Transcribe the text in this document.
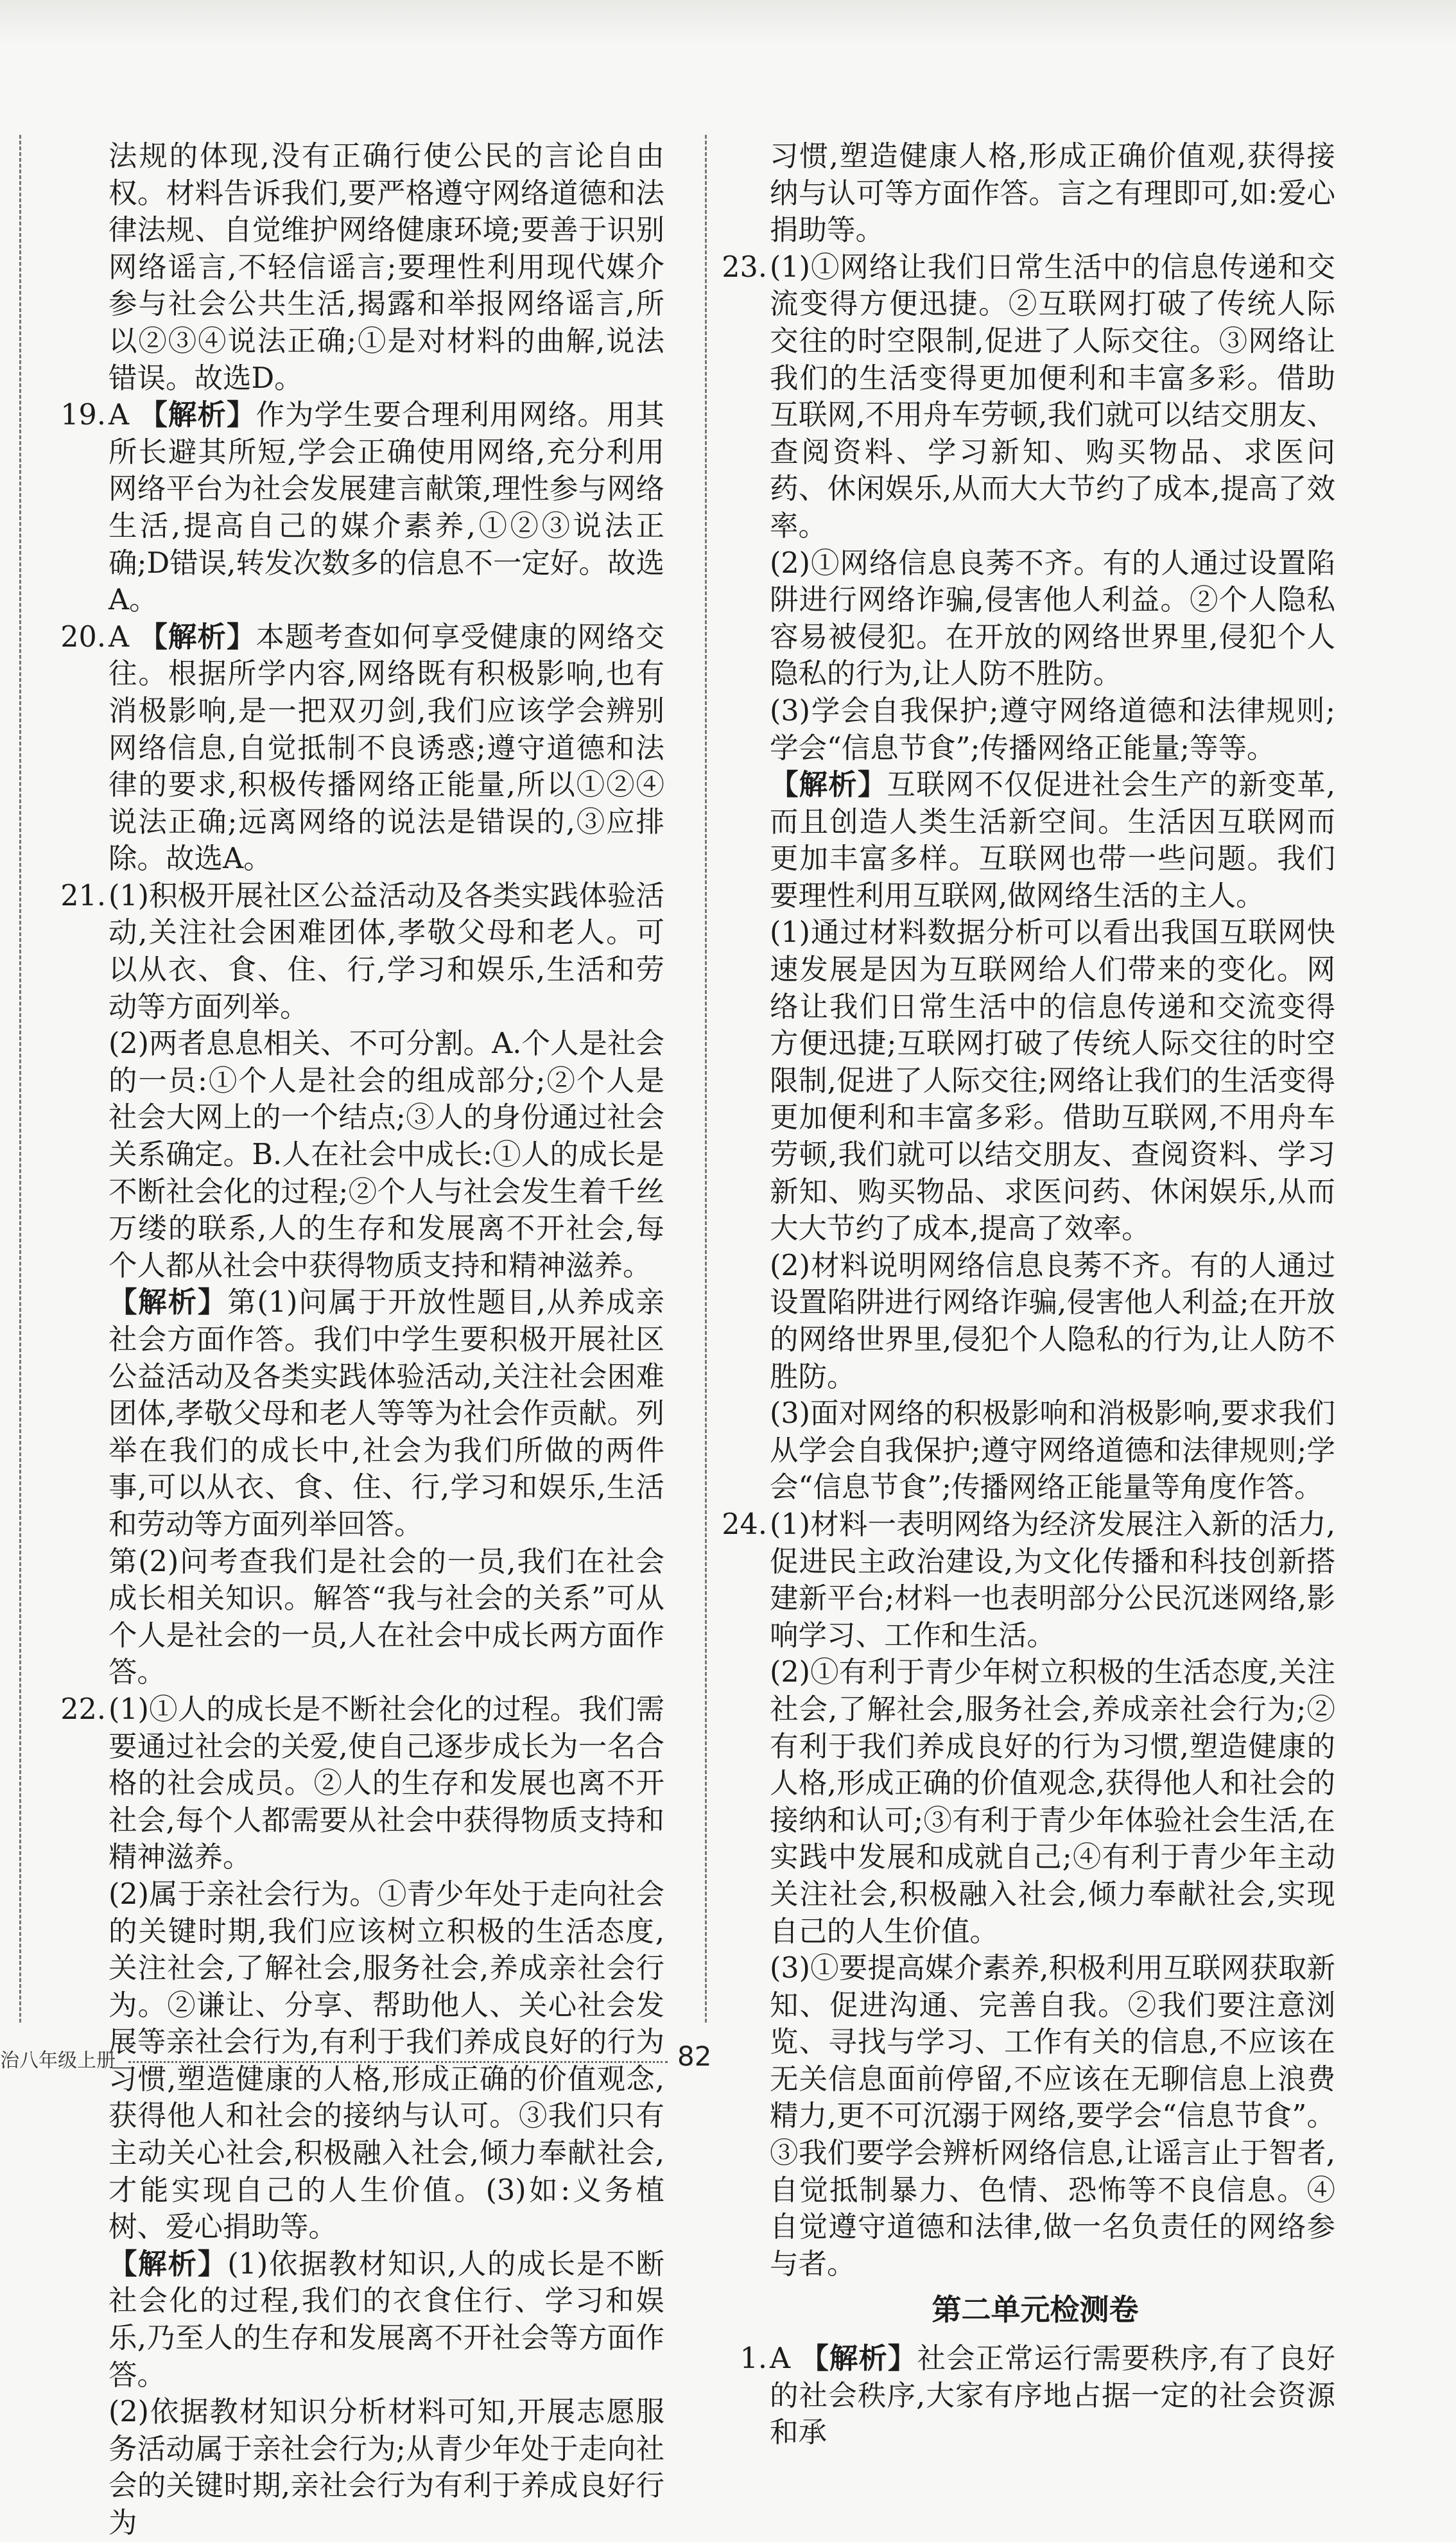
法规的体现,没有正确行使公民的言论自由权。材料告诉我们,要严格遵守网络道德和法律法规、自觉维护网络健康环境;要善于识别网络谣言,不轻信谣言;要理性利用现代媒介参与社会公共生活,揭露和举报网络谣言,所以②③④说法正确;①是对材料的曲解,说法错误。故选D。
19. A 【解析】作为学生要合理利用网络。用其所长避其所短,学会正确使用网络,充分利用网络平台为社会发展建言献策,理性参与网络生活,提高自己的媒介素养,①②③说法正确;D错误,转发次数多的信息不一定好。故选A。
20. A 【解析】本题考查如何享受健康的网络交往。根据所学内容,网络既有积极影响,也有消极影响,是一把双刃剑,我们应该学会辨别网络信息,自觉抵制不良诱惑;遵守道德和法律的要求,积极传播网络正能量,所以①②④说法正确;远离网络的说法是错误的,③应排除。故选A。
21. (1)积极开展社区公益活动及各类实践体验活动,关注社会困难团体,孝敬父母和老人。可以从衣、食、住、行,学习和娱乐,生活和劳动等方面列举。
(2)两者息息相关、不可分割。A.个人是社会的一员:①个人是社会的组成部分;②个人是社会大网上的一个结点;③人的身份通过社会关系确定。B.人在社会中成长:①人的成长是不断社会化的过程;②个人与社会发生着千丝万缕的联系,人的生存和发展离不开社会,每个人都从社会中获得物质支持和精神滋养。
【解析】第(1)问属于开放性题目,从养成亲社会方面作答。我们中学生要积极开展社区公益活动及各类实践体验活动,关注社会困难团体,孝敬父母和老人等等为社会作贡献。列举在我们的成长中,社会为我们所做的两件事,可以从衣、食、住、行,学习和娱乐,生活和劳动等方面列举回答。
第(2)问考查我们是社会的一员,我们在社会成长相关知识。解答“我与社会的关系”可从个人是社会的一员,人在社会中成长两方面作答。
22. (1)①人的成长是不断社会化的过程。我们需要通过社会的关爱,使自己逐步成长为一名合格的社会成员。②人的生存和发展也离不开社会,每个人都需要从社会中获得物质支持和精神滋养。
(2)属于亲社会行为。①青少年处于走向社会的关键时期,我们应该树立积极的生活态度,关注社会,了解社会,服务社会,养成亲社会行为。②谦让、分享、帮助他人、关心社会发展等亲社会行为,有利于我们养成良好的行为习惯,塑造健康的人格,形成正确的价值观念,获得他人和社会的接纳与认可。③我们只有主动关心社会,积极融入社会,倾力奉献社会,才能实现自己的人生价值。(3)如:义务植树、爱心捐助等。
【解析】(1)依据教材知识,人的成长是不断社会化的过程,我们的衣食住行、学习和娱乐,乃至人的生存和发展离不开社会等方面作答。
(2)依据教材知识分析材料可知,开展志愿服务活动属于亲社会行为;从青少年处于走向社会的关键时期,亲社会行为有利于养成良好行为
习惯,塑造健康人格,形成正确价值观,获得接纳与认可等方面作答。言之有理即可,如:爱心捐助等。
23. (1)①网络让我们日常生活中的信息传递和交流变得方便迅捷。②互联网打破了传统人际交往的时空限制,促进了人际交往。③网络让我们的生活变得更加便利和丰富多彩。借助互联网,不用舟车劳顿,我们就可以结交朋友、查阅资料、学习新知、购买物品、求医问药、休闲娱乐,从而大大节约了成本,提高了效率。
(2)①网络信息良莠不齐。有的人通过设置陷阱进行网络诈骗,侵害他人利益。②个人隐私容易被侵犯。在开放的网络世界里,侵犯个人隐私的行为,让人防不胜防。
(3)学会自我保护;遵守网络道德和法律规则;学会“信息节食”;传播网络正能量;等等。
【解析】互联网不仅促进社会生产的新变革,而且创造人类生活新空间。生活因互联网而更加丰富多样。互联网也带一些问题。我们要理性利用互联网,做网络生活的主人。
(1)通过材料数据分析可以看出我国互联网快速发展是因为互联网给人们带来的变化。网络让我们日常生活中的信息传递和交流变得方便迅捷;互联网打破了传统人际交往的时空限制,促进了人际交往;网络让我们的生活变得更加便利和丰富多彩。借助互联网,不用舟车劳顿,我们就可以结交朋友、查阅资料、学习新知、购买物品、求医问药、休闲娱乐,从而大大节约了成本,提高了效率。
(2)材料说明网络信息良莠不齐。有的人通过设置陷阱进行网络诈骗,侵害他人利益;在开放的网络世界里,侵犯个人隐私的行为,让人防不胜防。
(3)面对网络的积极影响和消极影响,要求我们从学会自我保护;遵守网络道德和法律规则;学会“信息节食”;传播网络正能量等角度作答。
24. (1)材料一表明网络为经济发展注入新的活力,促进民主政治建设,为文化传播和科技创新搭建新平台;材料一也表明部分公民沉迷网络,影响学习、工作和生活。
(2)①有利于青少年树立积极的生活态度,关注社会,了解社会,服务社会,养成亲社会行为;②有利于我们养成良好的行为习惯,塑造健康的人格,形成正确的价值观念,获得他人和社会的接纳和认可;③有利于青少年体验社会生活,在实践中发展和成就自己;④有利于青少年主动关注社会,积极融入社会,倾力奉献社会,实现自己的人生价值。
(3)①要提高媒介素养,积极利用互联网获取新知、促进沟通、完善自我。②我们要注意浏览、寻找与学习、工作有关的信息,不应该在无关信息面前停留,不应该在无聊信息上浪费精力,更不可沉溺于网络,要学会“信息节食”。③我们要学会辨析网络信息,让谣言止于智者,自觉抵制暴力、色情、恐怖等不良信息。④自觉遵守道德和法律,做一名负责任的网络参与者。
第二单元检测卷
1. A 【解析】社会正常运行需要秩序,有了良好的社会秩序,大家有序地占据一定的社会资源和承
治八年级上册	82
